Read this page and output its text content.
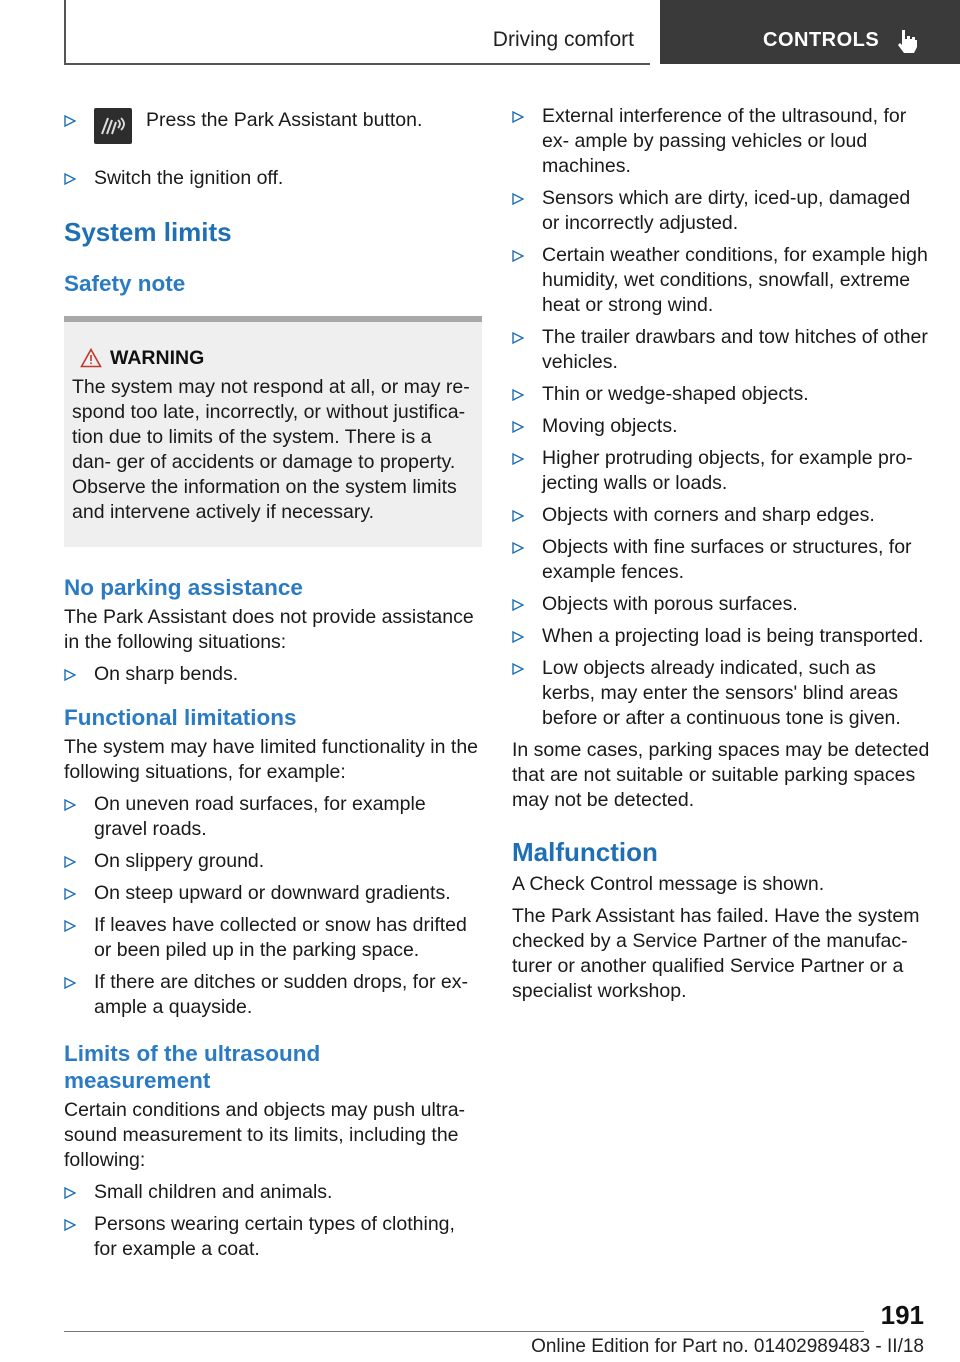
Driving comfort	CONTROLS
Press the Park Assistant button.
Switch the ignition off.
System limits
Safety note
WARNING
The system may not respond at all, or may re‐ spond too late, incorrectly, or without justifica‐ tion due to limits of the system. There is a dan‐ ger of accidents or damage to property. Observe the information on the system limits and intervene actively if necessary.
No parking assistance
The Park Assistant does not provide assistance in the following situations:
On sharp bends.
Functional limitations
The system may have limited functionality in the following situations, for example:
On uneven road surfaces, for example gravel roads.
On slippery ground.
On steep upward or downward gradients.
If leaves have collected or snow has drifted or been piled up in the parking space.
If there are ditches or sudden drops, for ex‐ ample a quayside.
Limits of the ultrasound
measurement
Certain conditions and objects may push ultra‐ sound measurement to its limits, including the following:
Small children and animals.
Persons wearing certain types of clothing, for example a coat.
External interference of the ultrasound, for ex‐ ample by passing vehicles or loud machines.
Sensors which are dirty, iced‐up, damaged or incorrectly adjusted.
Certain weather conditions, for example high humidity, wet conditions, snowfall, extreme heat or strong wind.
The trailer drawbars and tow hitches of other vehicles.
Thin or wedge‐shaped objects.
Moving objects.
Higher protruding objects, for example pro‐ jecting walls or loads.
Objects with corners and sharp edges.
Objects with fine surfaces or structures, for example fences.
Objects with porous surfaces.
When a projecting load is being transported.
Low objects already indicated, such as kerbs, may enter the sensors' blind areas before or after a continuous tone is given.
In some cases, parking spaces may be detected that are not suitable or suitable parking spaces may not be detected.
Malfunction
A Check Control message is shown.
The Park Assistant has failed. Have the system checked by a Service Partner of the manufac‐ turer or another qualified Service Partner or a specialist workshop.
191
Online Edition for Part no. 01402989483 - II/18
